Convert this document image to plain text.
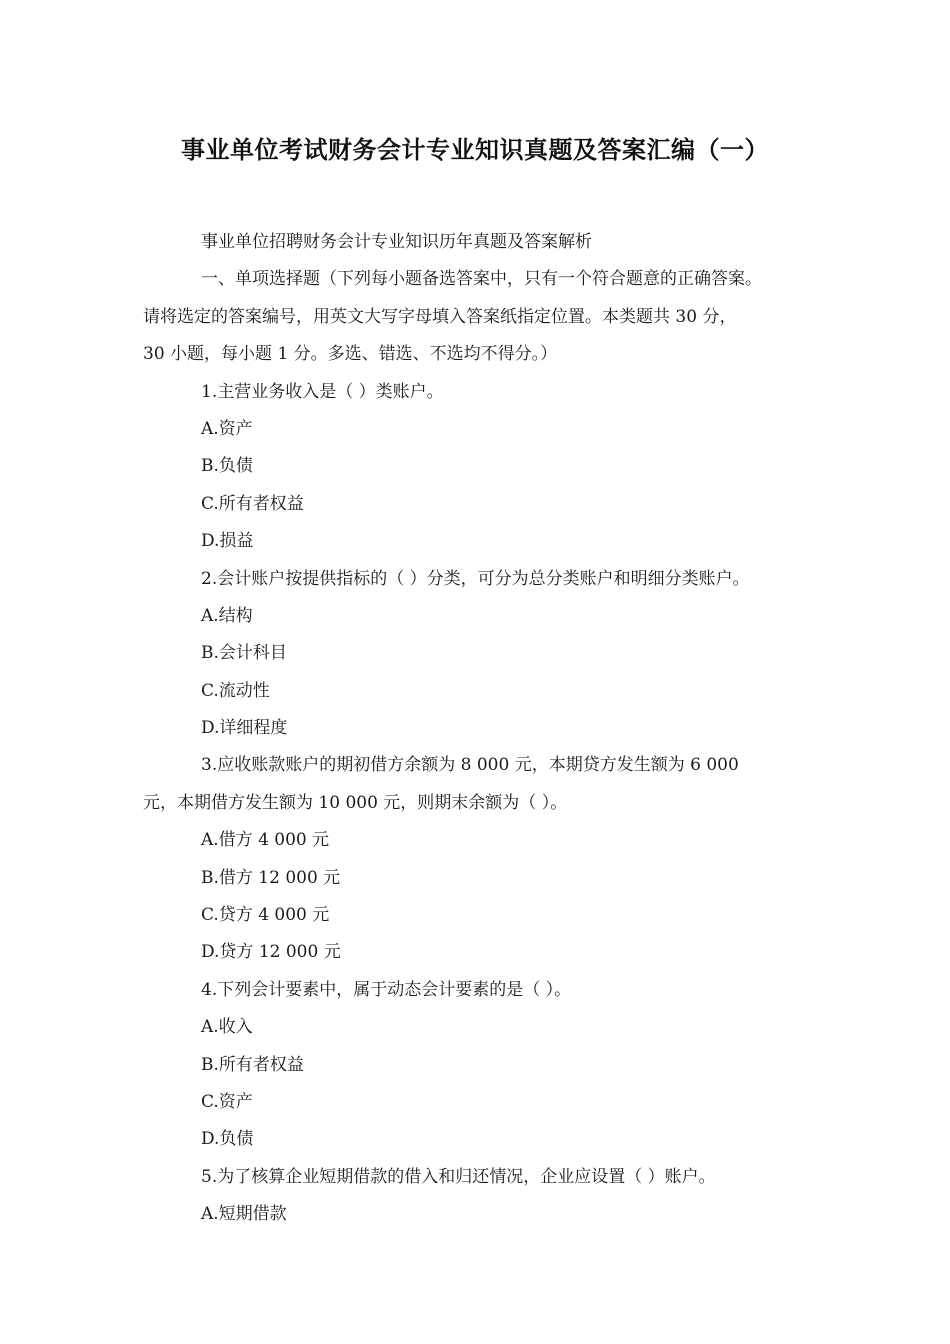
事业单位考试财务会计专业知识真题及答案汇编（一）
事业单位招聘财务会计专业知识历年真题及答案解析
一、单项选择题（下列每小题备选答案中，只有一个符合题意的正确答案。
请将选定的答案编号，用英文大写字母填入答案纸指定位置。本类题共 30 分，
30 小题，每小题 1 分。多选、错选、不选均不得分。）
1.主营业务收入是（ ）类账户。
A.资产
B.负债
C.所有者权益
D.损益
2.会计账户按提供指标的（ ）分类，可分为总分类账户和明细分类账户。
A.结构
B.会计科目
C.流动性
D.详细程度
3.应收账款账户的期初借方余额为 8 000 元，本期贷方发生额为 6 000
元，本期借方发生额为 10 000 元，则期末余额为（ ）。
A.借方 4 000 元
B.借方 12 000 元
C.贷方 4 000 元
D.贷方 12 000 元
4.下列会计要素中，属于动态会计要素的是（ ）。
A.收入
B.所有者权益
C.资产
D.负债
5.为了核算企业短期借款的借入和归还情况，企业应设置（ ）账户。
A.短期借款
